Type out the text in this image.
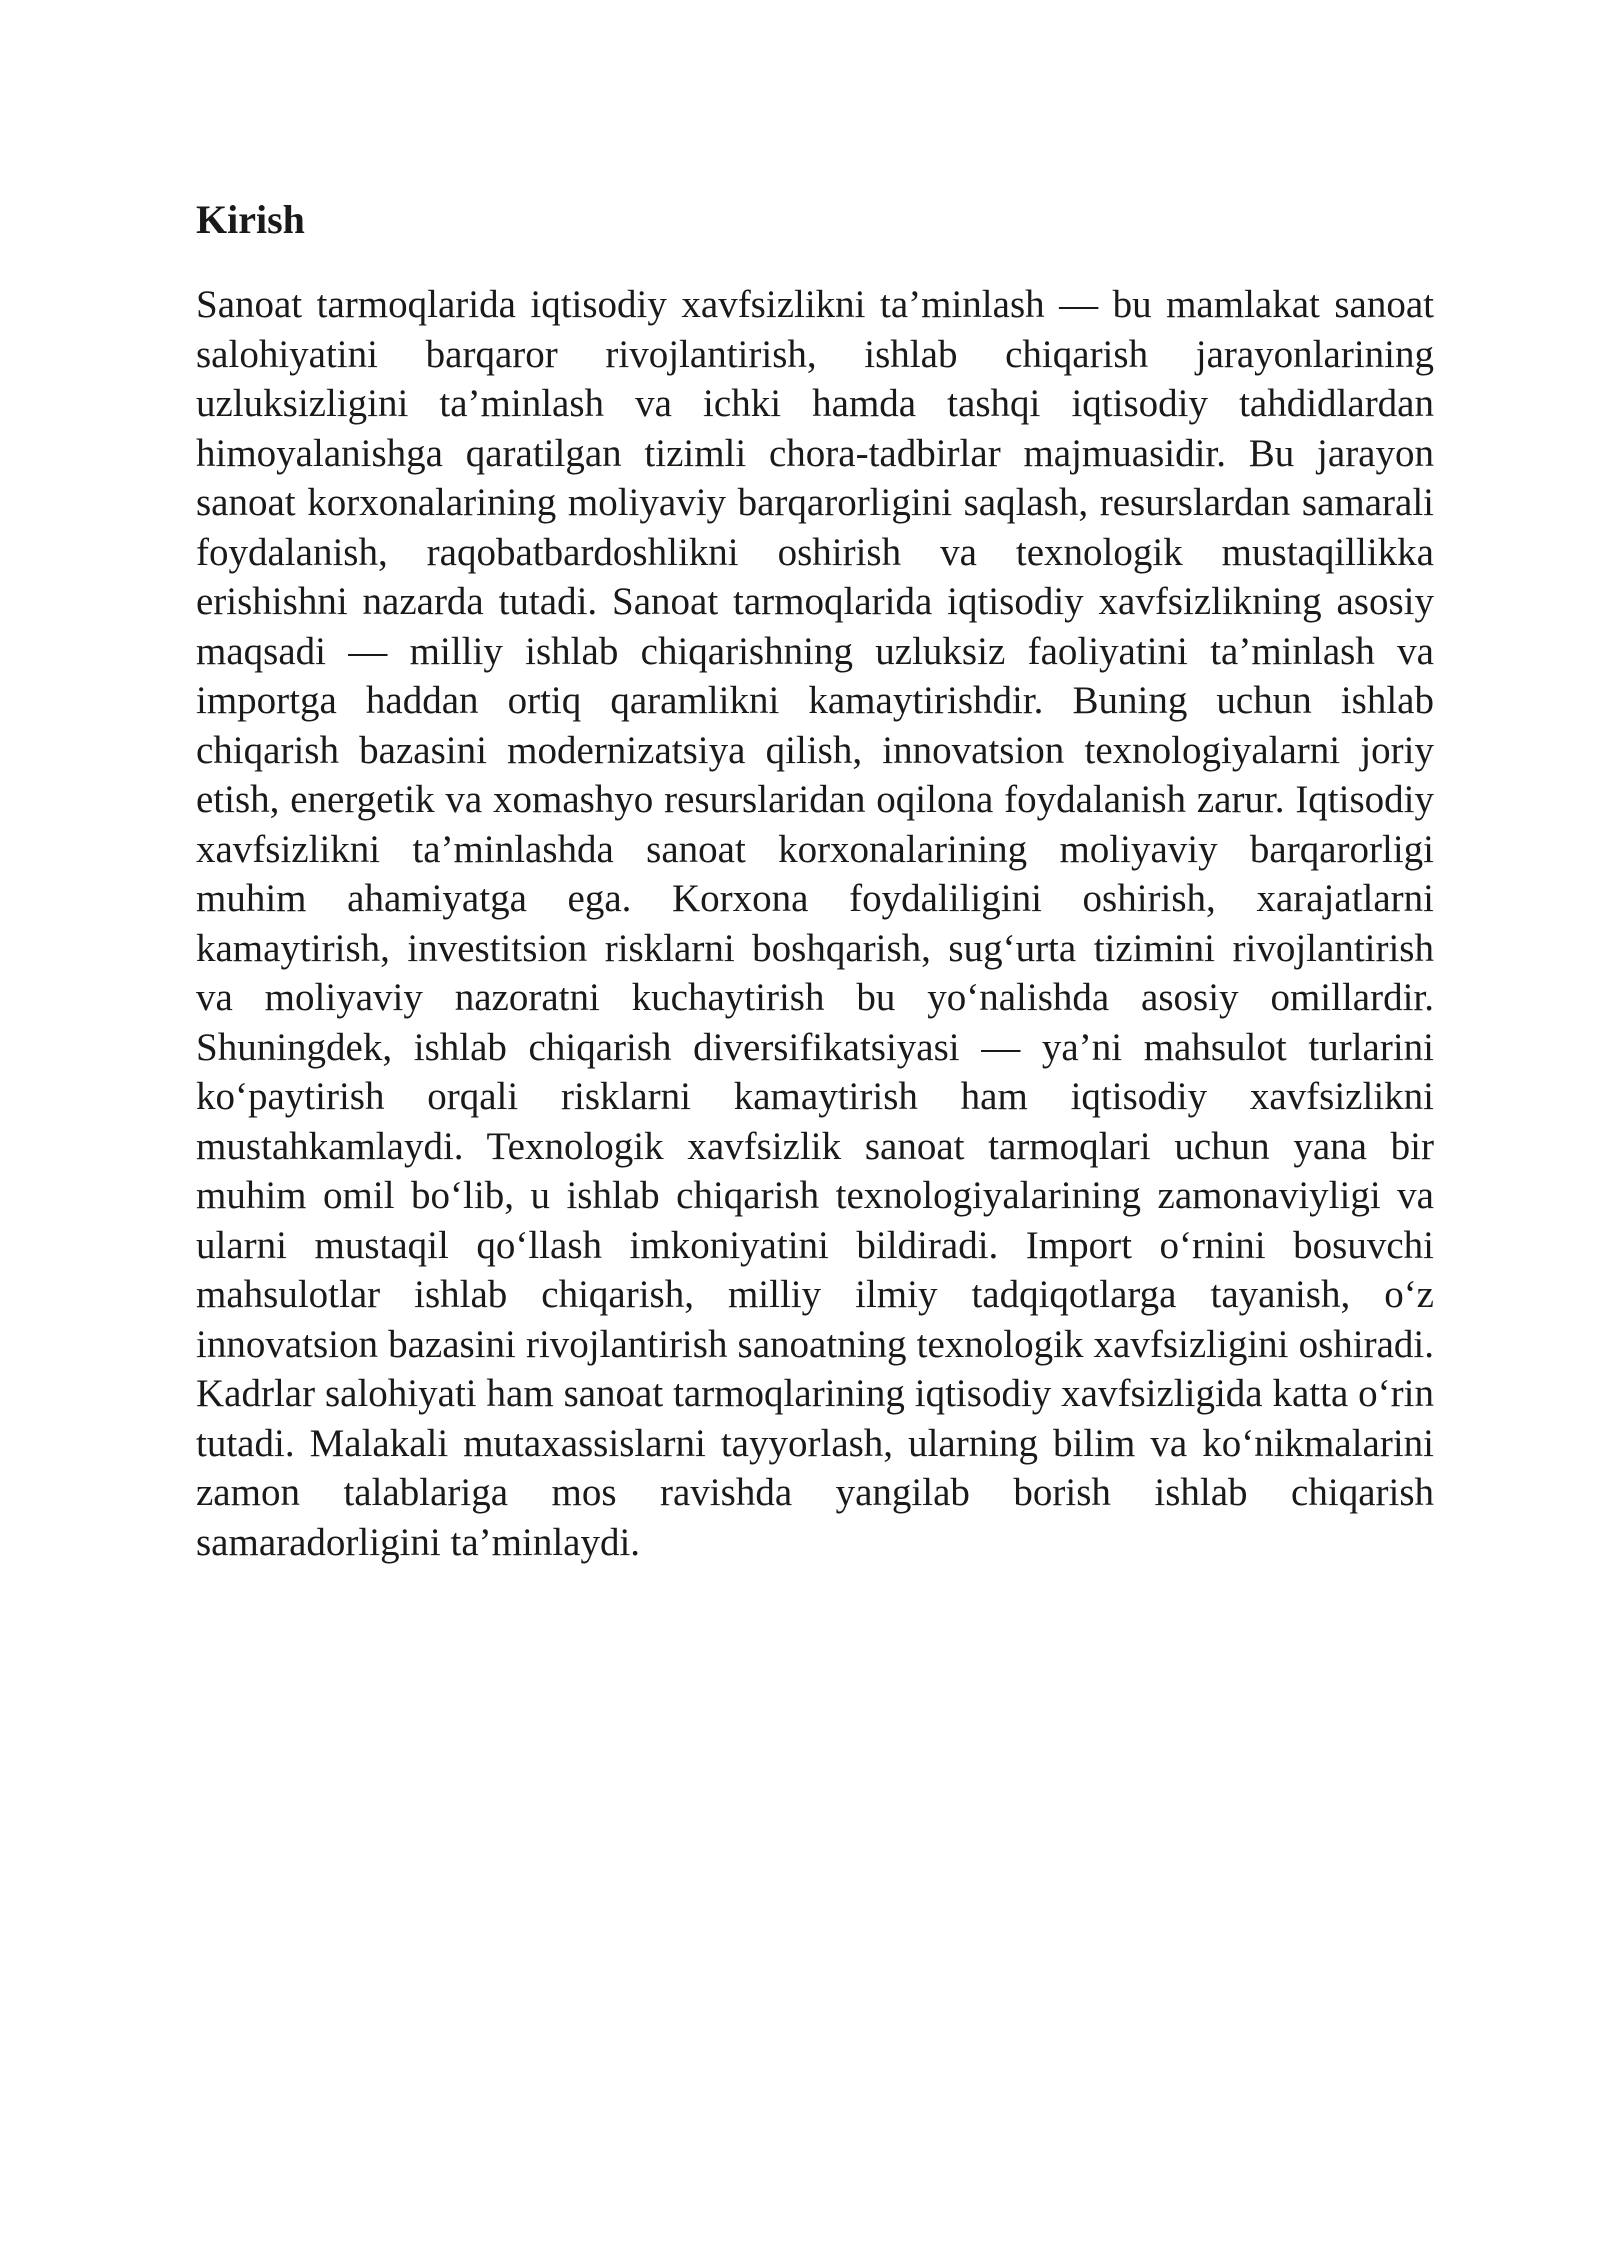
Kirish

Sanoat tarmoqlarida iqtisodiy xavfsizlikni ta’minlash — bu mamlakat sanoat salohiyatini barqaror rivojlantirish, ishlab chiqarish jarayonlarining uzluksizligini ta’minlash va ichki hamda tashqi iqtisodiy tahdidlardan himoyalanishga qaratilgan tizimli chora-tadbirlar majmuasidir. Bu jarayon sanoat korxonalarining moliyaviy barqarorligini saqlash, resurslardan samarali foydalanish, raqobatbardoshlikni oshirish va texnologik mustaqillikka erishishni nazarda tutadi. Sanoat tarmoqlarida iqtisodiy xavfsizlikning asosiy maqsadi — milliy ishlab chiqarishning uzluksiz faoliyatini ta’minlash va importga haddan ortiq qaramlikni kamaytirishdir. Buning uchun ishlab chiqarish bazasini modernizatsiya qilish, innovatsion texnologiyalarni joriy etish, energetik va xomashyo resurslaridan oqilona foydalanish zarur. Iqtisodiy xavfsizlikni ta’minlashda sanoat korxonalarining moliyaviy barqarorligi muhim ahamiyatga ega. Korxona foydaliligini oshirish, xarajatlarni kamaytirish, investitsion risklarni boshqarish, sug‘urta tizimini rivojlantirish va moliyaviy nazoratni kuchaytirish bu yo‘nalishda asosiy omillardir. Shuningdek, ishlab chiqarish diversifikatsiyasi — ya’ni mahsulot turlarini ko‘paytirish orqali risklarni kamaytirish ham iqtisodiy xavfsizlikni mustahkamlaydi. Texnologik xavfsizlik sanoat tarmoqlari uchun yana bir muhim omil bo‘lib, u ishlab chiqarish texnologiyalarining zamonaviyligi va ularni mustaqil qo‘llash imkoniyatini bildiradi. Import o‘rnini bosuvchi mahsulotlar ishlab chiqarish, milliy ilmiy tadqiqotlarga tayanish, o‘z innovatsion bazasini rivojlantirish sanoatning texnologik xavfsizligini oshiradi. Kadrlar salohiyati ham sanoat tarmoqlarining iqtisodiy xavfsizligida katta o‘rin tutadi. Malakali mutaxassislarni tayyorlash, ularning bilim va ko‘nikmalarini zamon talablariga mos ravishda yangilab borish ishlab chiqarish samaradorligini ta’minlaydi.
